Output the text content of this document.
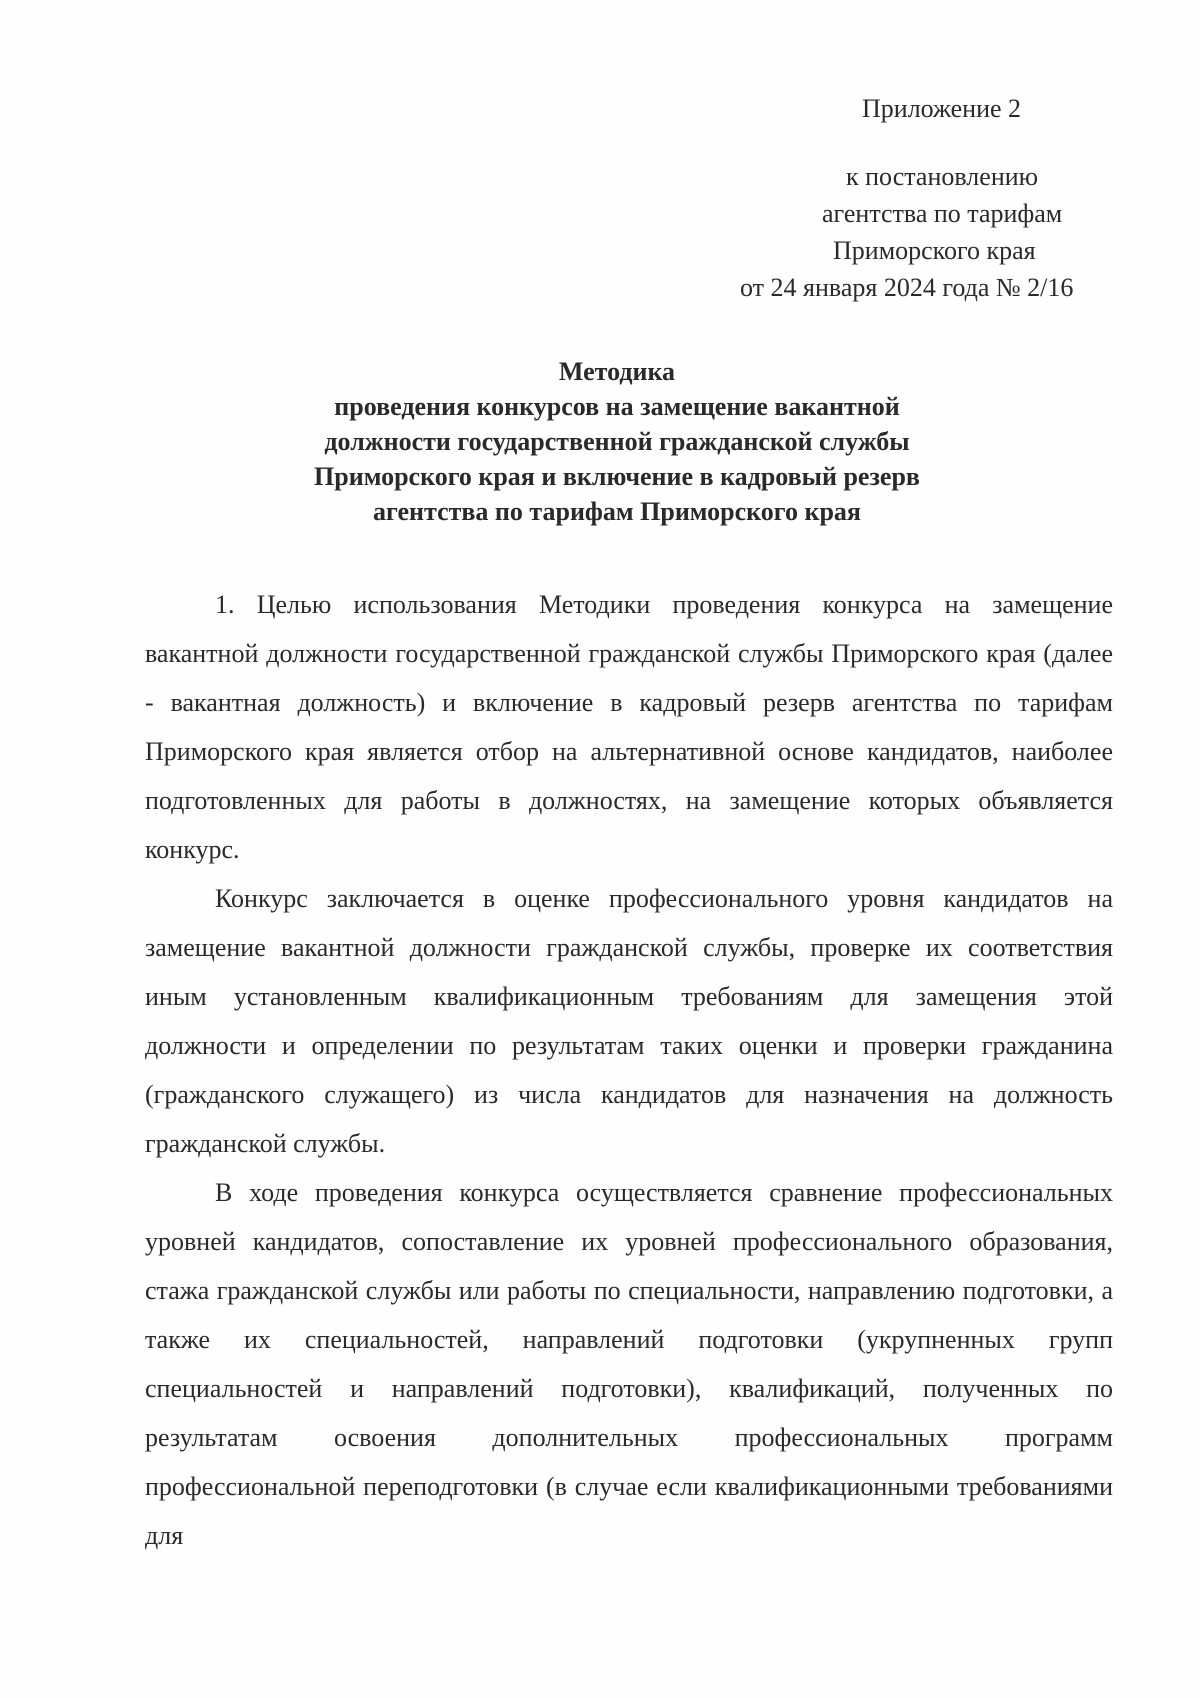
Приложение 2
к постановлению
агентства по тарифам
Приморского края
от 24 января 2024 года № 2/16
Методика
проведения конкурсов на замещение вакантной
должности государственной гражданской службы
Приморского края и включение в кадровый резерв
агентства по тарифам Приморского края

1. Целью использования Методики проведения конкурса на замещение вакантной должности государственной гражданской службы Приморского края (далее - вакантная должность) и включение в кадровый резерв агентства по тарифам Приморского края является отбор на альтернативной основе кандидатов, наиболее подготовленных для работы в должностях, на замещение которых объявляется конкурс.

Конкурс заключается в оценке профессионального уровня кандидатов на замещение вакантной должности гражданской службы, проверке их соответствия иным установленным квалификационным требованиям для замещения этой должности и определении по результатам таких оценки и проверки гражданина (гражданского служащего) из числа кандидатов для назначения на должность гражданской службы.

В ходе проведения конкурса осуществляется сравнение профессиональных уровней кандидатов, сопоставление их уровней профессионального образования, стажа гражданской службы или работы по специальности, направлению подготовки, а также их специальностей, направлений подготовки (укрупненных групп специальностей и направлений подготовки), квалификаций, полученных по результатам освоения дополнительных профессиональных программ профессиональной переподготовки (в случае если квалификационными требованиями для
